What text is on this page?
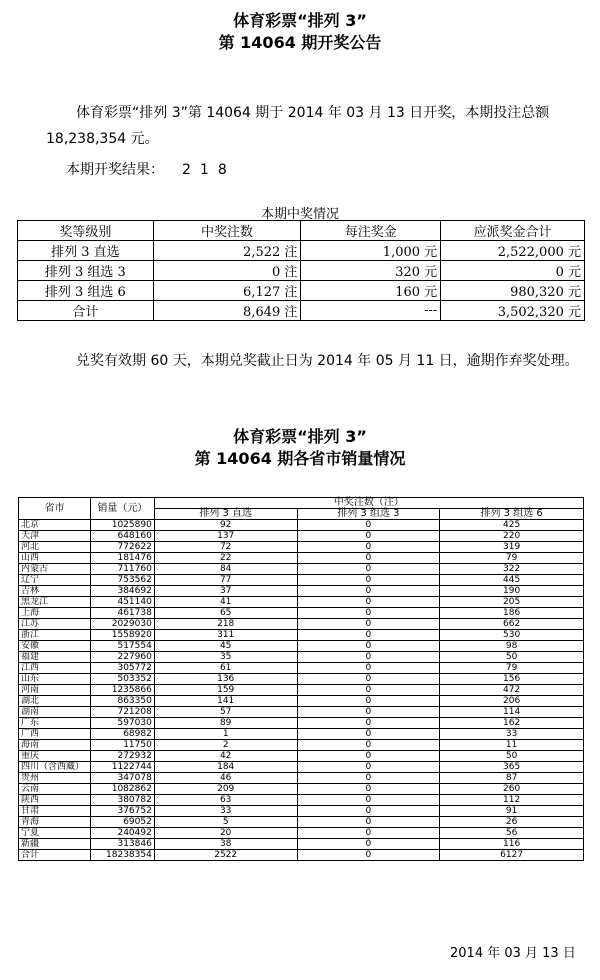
体育彩票“排列 3”
第 14064 期开奖公告
体育彩票“排列 3”第 14064 期于 2014 年 03 月 13 日开奖，本期投注总额 18,238,354 元。
本期开奖结果： 218
本期中奖情况
奖等级别	中奖注数	每注奖金	应派奖金合计
排列 3 直选	2,522 注	1,000 元	2,522,000 元
排列 3 组选 3	0 注	320 元	0 元
排列 3 组选 6	6,127 注	160 元	980,320 元
合计	8,649 注	---	3,502,320 元
兑奖有效期 60 天，本期兑奖截止日为 2014 年 05 月 11 日，逾期作弃奖处理。
体育彩票“排列 3”
第 14064 期各省市销量情况
省市	销量（元）	中奖注数（注）		
		排列 3 直选	排列 3 组选 3	排列 3 组选 6
北京	1025890	92	0	425
天津	648160	137	0	220
河北	772622	72	0	319
山西	181476	22	0	79
内蒙古	711760	84	0	322
辽宁	753562	77	0	445
吉林	384692	37	0	190
黑龙江	451140	41	0	205
上海	461738	65	0	186
江苏	2029030	218	0	662
浙江	1558920	311	0	530
安徽	517554	45	0	98
福建	227960	35	0	50
江西	305772	61	0	79
山东	503352	136	0	156
河南	1235866	159	0	472
湖北	863350	141	0	206
湖南	721208	57	0	114
广东	597030	89	0	162
广西	68982	1	0	33
海南	11750	2	0	11
重庆	272932	42	0	50
四川（含西藏）	1122744	184	0	365
贵州	347078	46	0	87
云南	1082862	209	0	260
陕西	380782	63	0	112
甘肃	376752	33	0	91
青海	69052	5	0	26
宁夏	240492	20	0	56
新疆	313846	38	0	116
合计	18238354	2522	0	6127
2014 年 03 月 13 日
